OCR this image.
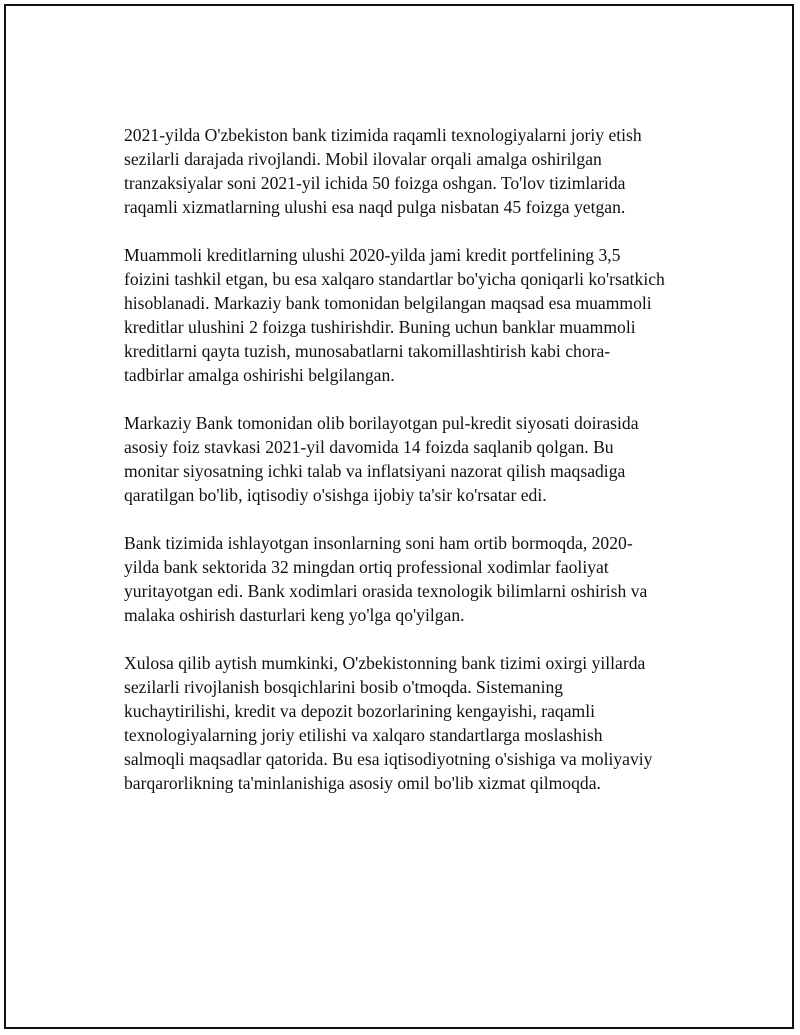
2021-yilda O'zbekiston bank tizimida raqamli texnologiyalarni joriy etish
sezilarli darajada rivojlandi. Mobil ilovalar orqali amalga oshirilgan
tranzaksiyalar soni 2021-yil ichida 50 foizga oshgan. To'lov tizimlarida
raqamli xizmatlarning ulushi esa naqd pulga nisbatan 45 foizga yetgan.

Muammoli kreditlarning ulushi 2020-yilda jami kredit portfelining 3,5
foizini tashkil etgan, bu esa xalqaro standartlar bo'yicha qoniqarli ko'rsatkich
hisoblanadi. Markaziy bank tomonidan belgilangan maqsad esa muammoli
kreditlar ulushini 2 foizga tushirishdir. Buning uchun banklar muammoli
kreditlarni qayta tuzish, munosabatlarni takomillashtirish kabi chora-
tadbirlar amalga oshirishi belgilangan.

Markaziy Bank tomonidan olib borilayotgan pul-kredit siyosati doirasida
asosiy foiz stavkasi 2021-yil davomida 14 foizda saqlanib qolgan. Bu
monitar siyosatning ichki talab va inflatsiyani nazorat qilish maqsadiga
qaratilgan bo'lib, iqtisodiy o'sishga ijobiy ta'sir ko'rsatar edi.

Bank tizimida ishlayotgan insonlarning soni ham ortib bormoqda, 2020-
yilda bank sektorida 32 mingdan ortiq professional xodimlar faoliyat
yuritayotgan edi. Bank xodimlari orasida texnologik bilimlarni oshirish va
malaka oshirish dasturlari keng yo'lga qo'yilgan.

Xulosa qilib aytish mumkinki, O'zbekistonning bank tizimi oxirgi yillarda
sezilarli rivojlanish bosqichlarini bosib o'tmoqda. Sistemaning
kuchaytirilishi, kredit va depozit bozorlarining kengayishi, raqamli
texnologiyalarning joriy etilishi va xalqaro standartlarga moslashish
salmoqli maqsadlar qatorida. Bu esa iqtisodiyotning o'sishiga va moliyaviy
barqarorlikning ta'minlanishiga asosiy omil bo'lib xizmat qilmoqda.
